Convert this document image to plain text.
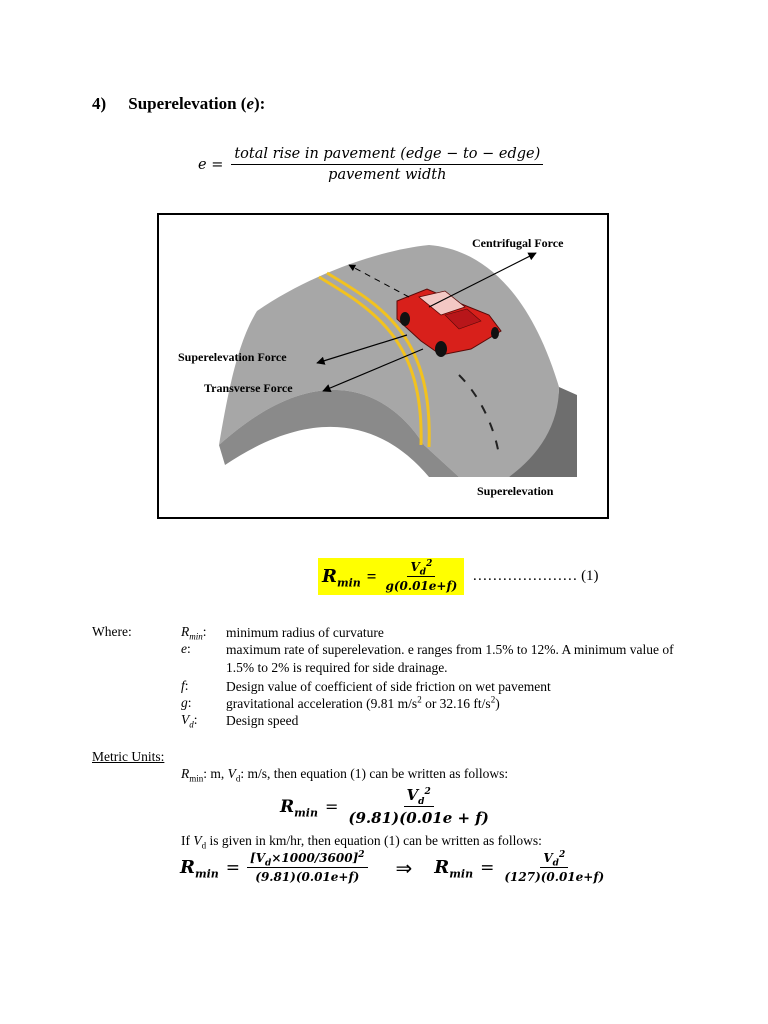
4) Superelevation (e):
$e = \frac{\text{total rise in pavement (edge − to − edge)}}{\text{pavement width}}$
Centrifugal Force
Superelevation Force
Transverse Force
Superelevation
$R_{min} = \frac{V_d^2}{g(0.01e+f)}$ ………………… (1)
Where:	$R_{min}$: minimum radius of curvature
e:	maximum rate of superelevation. e ranges from 1.5% to 12%. A minimum value of 1.5% to 2% is required for side drainage.
f:	Design value of coefficient of side friction on wet pavement
g:	gravitational acceleration (9.81 $m/s^2$ or 32.16 $ft/s^2$)
$V_d$: Design speed
Metric Units:
$R_{min}$: m, $V_d$: m/s, then equation (1) can be written as follows:
$R_{min} = \frac{V_d^2}{(9.81)(0.01e + f)}$
If $V_d$ is given in km/hr, then equation (1) can be written as follows:
$R_{min} = \frac{[V_d\times 1000/3600]^2}{(9.81)(0.01e+f)}$ ⇒ $R_{min} = \frac{V_d^2}{(127)(0.01e+f)}$
